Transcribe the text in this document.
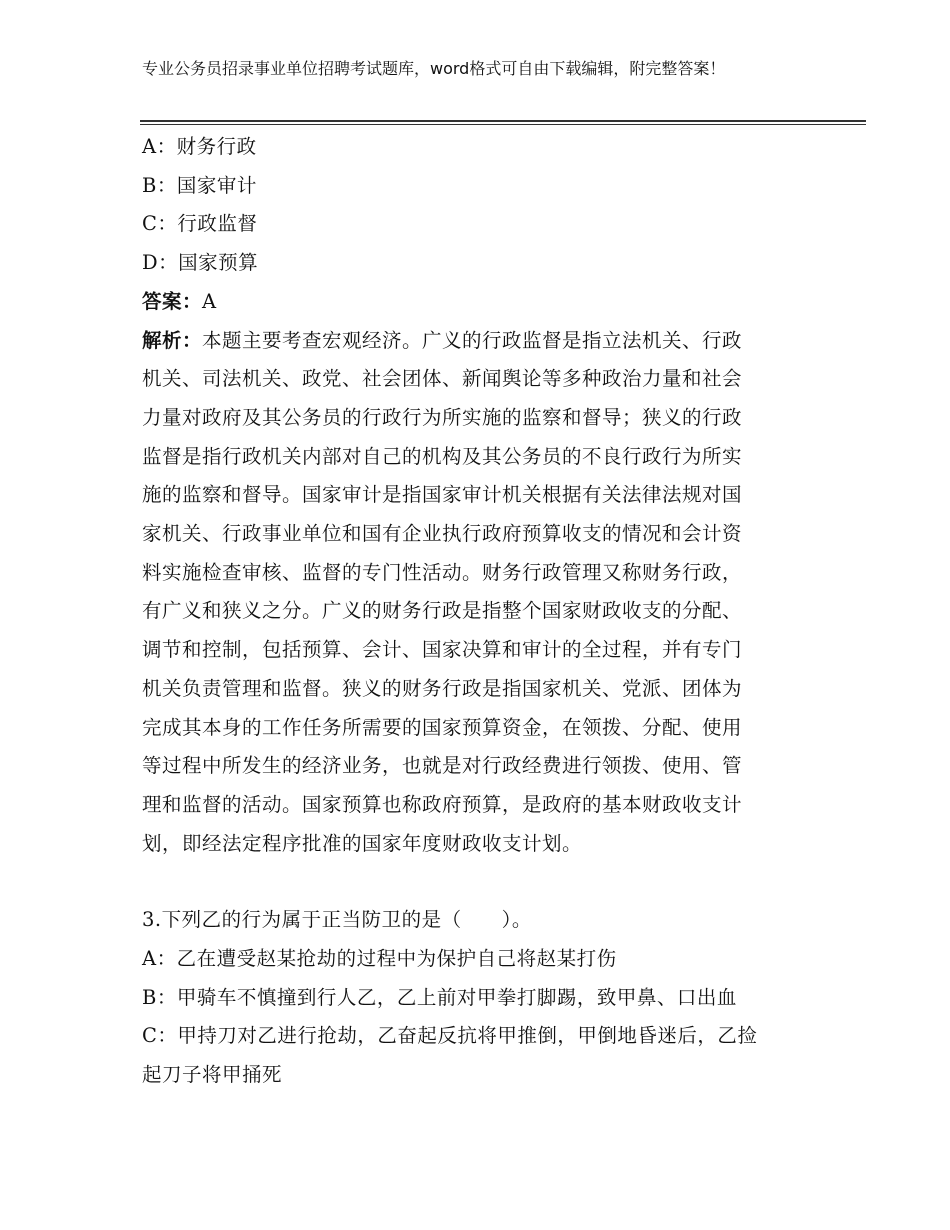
专业公务员招录事业单位招聘考试题库，word格式可自由下载编辑，附完整答案！
A：财务行政
B：国家审计
C：行政监督
D：国家预算
答案：A
解析：本题主要考查宏观经济。广义的行政监督是指立法机关、行政
机关、司法机关、政党、社会团体、新闻舆论等多种政治力量和社会
力量对政府及其公务员的行政行为所实施的监察和督导；狭义的行政
监督是指行政机关内部对自己的机构及其公务员的不良行政行为所实
施的监察和督导。国家审计是指国家审计机关根据有关法律法规对国
家机关、行政事业单位和国有企业执行政府预算收支的情况和会计资
料实施检查审核、监督的专门性活动。财务行政管理又称财务行政，
有广义和狭义之分。广义的财务行政是指整个国家财政收支的分配、
调节和控制，包括预算、会计、国家决算和审计的全过程，并有专门
机关负责管理和监督。狭义的财务行政是指国家机关、党派、团体为
完成其本身的工作任务所需要的国家预算资金，在领拨、分配、使用
等过程中所发生的经济业务，也就是对行政经费进行领拨、使用、管
理和监督的活动。国家预算也称政府预算，是政府的基本财政收支计
划，即经法定程序批准的国家年度财政收支计划。
3.下列乙的行为属于正当防卫的是（　　）。
A：乙在遭受赵某抢劫的过程中为保护自己将赵某打伤
B：甲骑车不慎撞到行人乙，乙上前对甲拳打脚踢，致甲鼻、口出血
C：甲持刀对乙进行抢劫，乙奋起反抗将甲推倒，甲倒地昏迷后，乙捡
起刀子将甲捅死
